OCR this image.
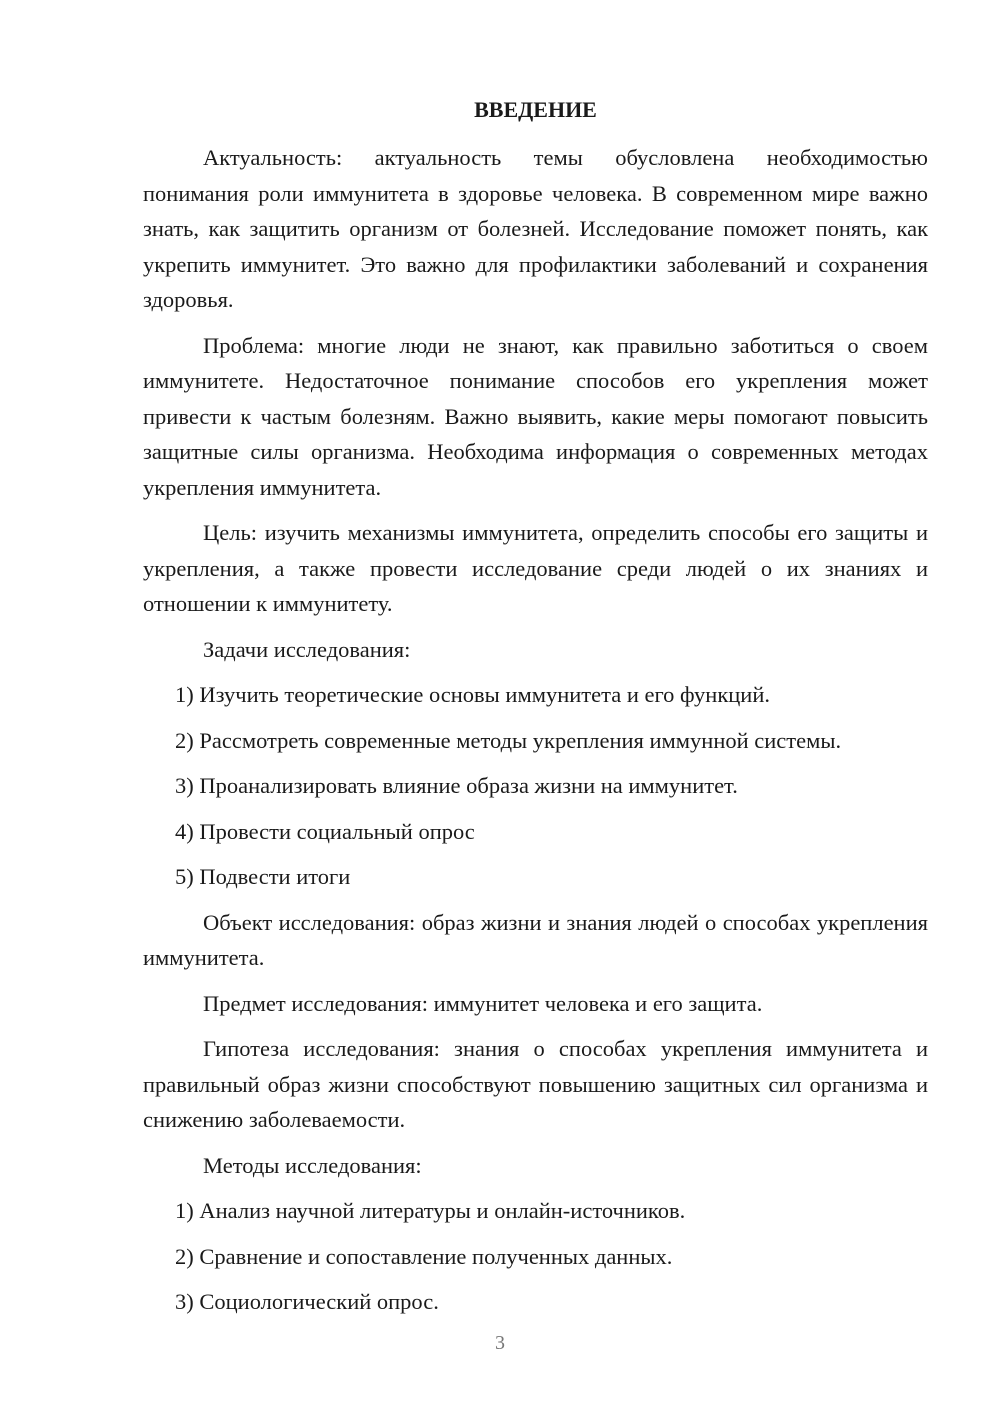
ВВЕДЕНИЕ

Актуальность: актуальность темы обусловлена необходимостью понимания роли иммунитета в здоровье человека. В современном мире важно знать, как защитить организм от болезней. Исследование поможет понять, как укрепить иммунитет. Это важно для профилактики заболеваний и сохранения здоровья.

Проблема: многие люди не знают, как правильно заботиться о своем иммунитете. Недостаточное понимание способов его укрепления может привести к частым болезням. Важно выявить, какие меры помогают повысить защитные силы организма. Необходима информация о современных методах укрепления иммунитета.

Цель: изучить механизмы иммунитета, определить способы его защиты и укрепления, а также провести исследование среди людей о их знаниях и отношении к иммунитету.

Задачи исследования:
1) Изучить теоретические основы иммунитета и его функций.
2) Рассмотреть современные методы укрепления иммунной системы.
3) Проанализировать влияние образа жизни на иммунитет.
4) Провести социальный опрос
5) Подвести итоги

Объект исследования: образ жизни и знания людей о способах укрепления иммунитета.

Предмет исследования: иммунитет человека и его защита.

Гипотеза исследования: знания о способах укрепления иммунитета и правильный образ жизни способствуют повышению защитных сил организма и снижению заболеваемости.

Методы исследования:
1) Анализ научной литературы и онлайн-источников.
2) Сравнение и сопоставление полученных данных.
3) Социологический опрос.
3
